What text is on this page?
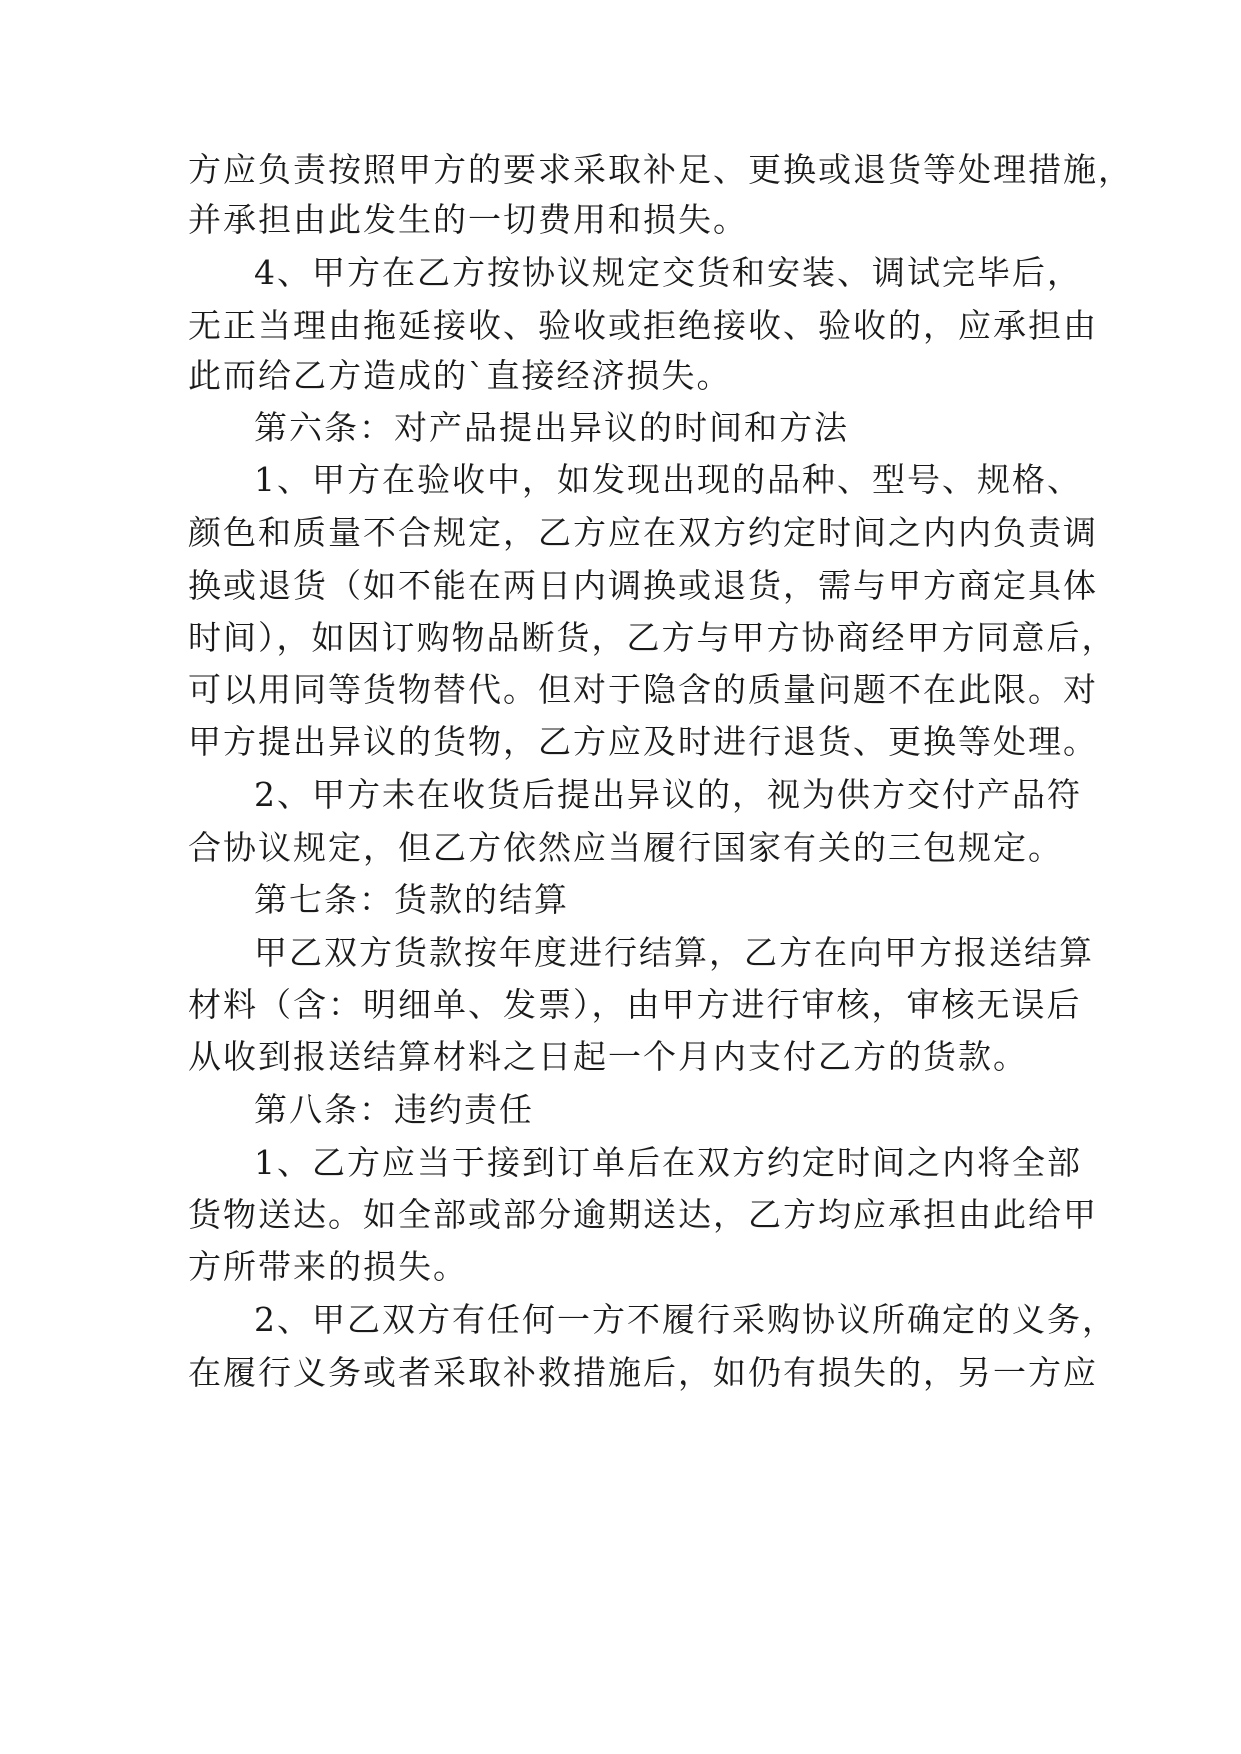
方应负责按照甲方的要求采取补足、更换或退货等处理措施，
并承担由此发生的一切费用和损失。
4、甲方在乙方按协议规定交货和安装、调试完毕后，
无正当理由拖延接收、验收或拒绝接收、验收的，应承担由
此而给乙方造成的`直接经济损失。
第六条：对产品提出异议的时间和方法
1、甲方在验收中，如发现出现的品种、型号、规格、
颜色和质量不合规定，乙方应在双方约定时间之内内负责调
换或退货（如不能在两日内调换或退货，需与甲方商定具体
时间），如因订购物品断货，乙方与甲方协商经甲方同意后，
可以用同等货物替代。但对于隐含的质量问题不在此限。对
甲方提出异议的货物，乙方应及时进行退货、更换等处理。
2、甲方未在收货后提出异议的，视为供方交付产品符
合协议规定，但乙方依然应当履行国家有关的三包规定。
第七条：货款的结算
甲乙双方货款按年度进行结算，乙方在向甲方报送结算
材料（含：明细单、发票），由甲方进行审核，审核无误后
从收到报送结算材料之日起一个月内支付乙方的货款。
第八条：违约责任
1、乙方应当于接到订单后在双方约定时间之内将全部
货物送达。如全部或部分逾期送达，乙方均应承担由此给甲
方所带来的损失。
2、甲乙双方有任何一方不履行采购协议所确定的义务，
在履行义务或者采取补救措施后，如仍有损失的，另一方应
